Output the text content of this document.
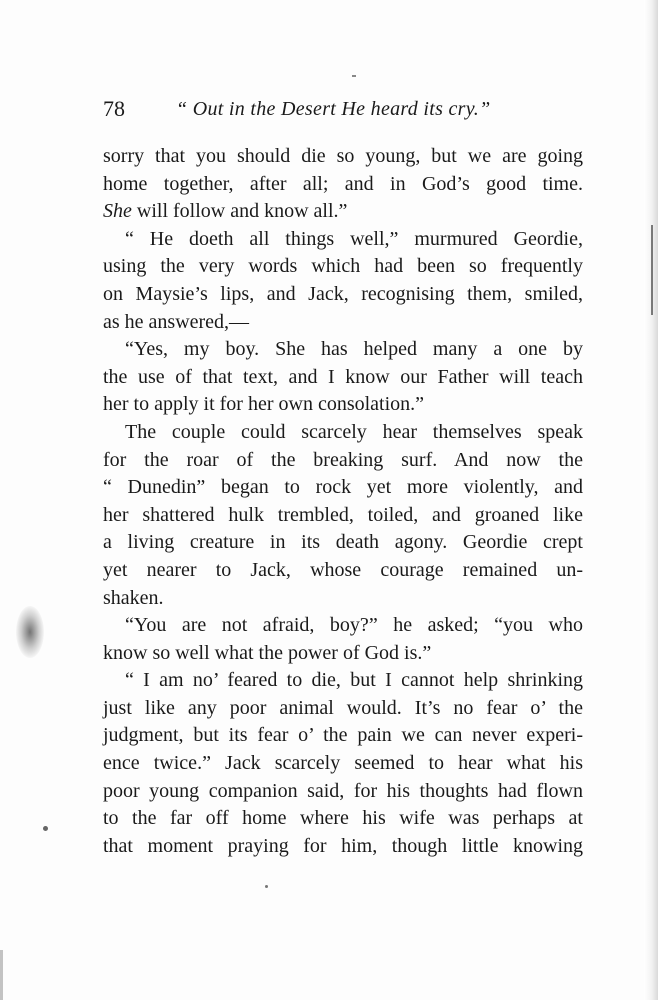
78	“ Out in the Desert He heard its cry.”
sorry that you should die so young, but we are going
home together, after all; and in God’s good time.
She will follow and know all.”
“ He doeth all things well,” murmured Geordie,
using the very words which had been so frequently
on Maysie’s lips, and Jack, recognising them, smiled,
as he answered,—
“Yes, my boy. She has helped many a one by
the use of that text, and I know our Father will teach
her to apply it for her own consolation.”
The couple could scarcely hear themselves speak
for the roar of the breaking surf. And now the
“ Dunedin” began to rock yet more violently, and
her shattered hulk trembled, toiled, and groaned like
a living creature in its death agony. Geordie crept
yet nearer to Jack, whose courage remained un-
shaken.
“You are not afraid, boy?” he asked; “you who
know so well what the power of God is.”
“ I am no’ feared to die, but I cannot help shrinking
just like any poor animal would. It’s no fear o’ the
judgment, but its fear o’ the pain we can never experi-
ence twice.” Jack scarcely seemed to hear what his
poor young companion said, for his thoughts had flown
to the far off home where his wife was perhaps at
that moment praying for him, though little knowing
